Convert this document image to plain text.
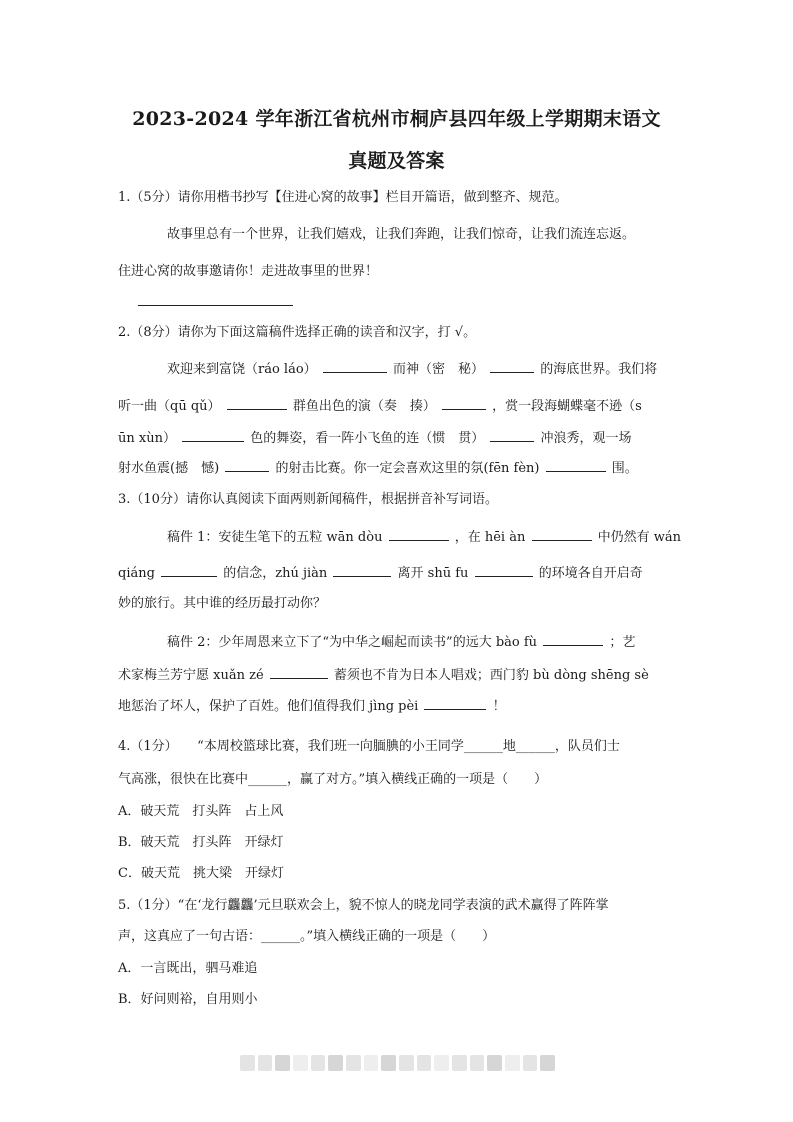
2023-2024 学年浙江省杭州市桐庐县四年级上学期期末语文
真题及答案
1.（5分）请你用楷书抄写【住进心窝的故事】栏目开篇语，做到整齐、规范。
故事里总有一个世界，让我们嬉戏，让我们奔跑，让我们惊奇，让我们流连忘返。
住进心窝的故事邀请你！走进故事里的世界！
2.（8分）请你为下面这篇稿件选择正确的读音和汉字，打 √。
欢迎来到富饶（ráo láo）	而神（密　秘）	的海底世界。我们将
听一曲（qū qǔ）	群鱼出色的演（奏　揍）	，赏一段海蝴蝶毫不逊（s
ūn xùn）	色的舞姿，看一阵小飞鱼的连（惯　贯）	冲浪秀，观一场
射水鱼震(撼　憾)	的射击比赛。你一定会喜欢这里的氛(fēn fèn)	围。
3.（10分）请你认真阅读下面两则新闻稿件，根据拼音补写词语。
稿件 1：安徒生笔下的五粒 wān dòu	，在 hēi àn	中仍然有 wán
qiáng	的信念，zhú jiàn	离开 shū fu	的环境各自开启奇
妙的旅行。其中谁的经历最打动你？
稿件 2：少年周恩来立下了“为中华之崛起而读书”的远大 bào fù	；艺
术家梅兰芳宁愿 xuǎn zé	蓄须也不肯为日本人唱戏；西门豹 bù dòng shēng sè
地惩治了坏人，保护了百姓。他们值得我们 jìng pèi	！
4.（1分）　　“本周校篮球比赛，我们班一向腼腆的小王同学______地______，队员们士
气高涨，很快在比赛中______，赢了对方。”填入横线正确的一项是（　　）
A．破天荒　打头阵　占上风
B．破天荒　打头阵　开绿灯
C．破天荒　挑大梁　开绿灯
5.（1分）“在‘龙行龘龘’元旦联欢会上，貌不惊人的晓龙同学表演的武术赢得了阵阵掌
声，这真应了一句古语：______。”填入横线正确的一项是（　　）
A．一言既出，驷马难追
B．好问则裕，自用则小
